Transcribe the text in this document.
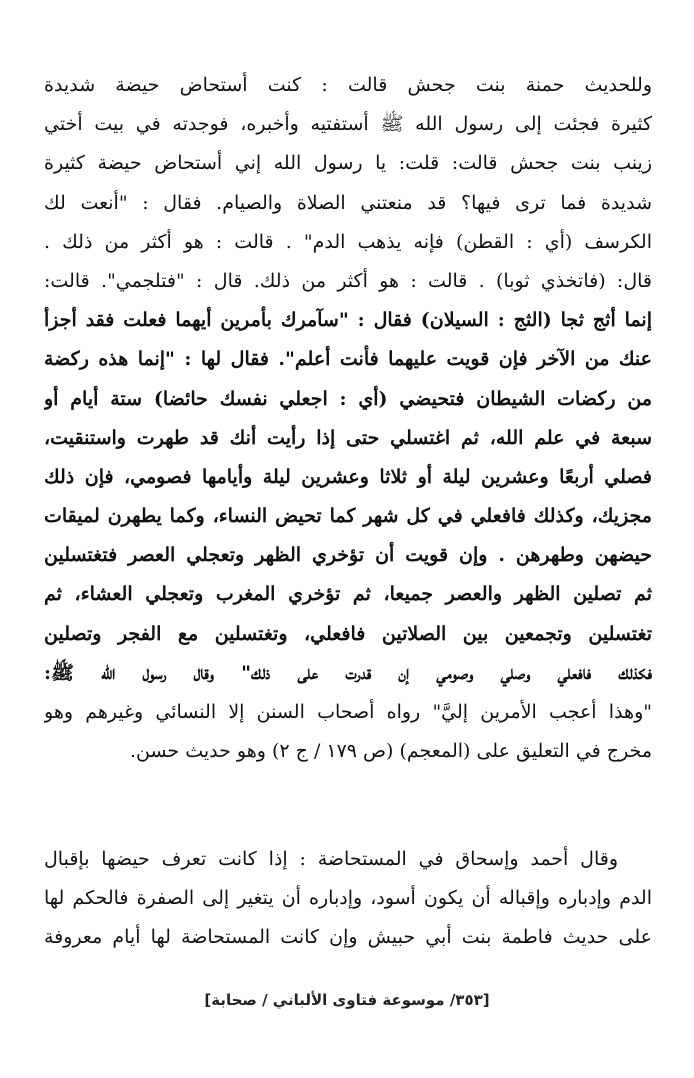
وللحديث حمنة بنت جحش قالت : كنت أستحاض حيضة شديدة
كثيرة فجئت إلى رسول الله ﷺ أستفتيه وأخبره، فوجدته في بيت أختي
زينب بنت جحش قالت: قلت: يا رسول الله إني أستحاض حيضة كثيرة
شديدة فما ترى فيها؟ قد منعتني الصلاة والصيام. فقال : "أنعت لك
الكرسف (أي : القطن) فإنه يذهب الدم" . قالت : هو أكثر من ذلك .
قال: (فاتخذي ثوبا) . قالت : هو أكثر من ذلك. قال : "فتلجمي". قالت:
إنما أثج ثجا (الثج : السيلان) فقال : "سآمرك بأمرين أيهما فعلت فقد أجزأ
عنك من الآخر فإن قويت عليهما فأنت أعلم". فقال لها : "إنما هذه ركضة
من ركضات الشيطان فتحيضي (أي : اجعلي نفسك حائضا) ستة أيام أو
سبعة في علم الله، ثم اغتسلي حتى إذا رأيت أنك قد طهرت واستنقيت،
فصلي أربعًا وعشرين ليلة أو ثلاثا وعشرين ليلة وأيامها فصومي، فإن ذلك
مجزيك، وكذلك فافعلي في كل شهر كما تحيض النساء، وكما يطهرن لميقات
حيضهن وطهرهن . وإن قويت أن تؤخري الظهر وتعجلي العصر فتغتسلين
ثم تصلين الظهر والعصر جميعا، ثم تؤخري المغرب وتعجلي العشاء، ثم
تغتسلين وتجمعين بين الصلاتين فافعلي، وتغتسلين مع الفجر وتصلين
فكذلك فافعلي وصلي وصومي إن قدرت على ذلك" وقال رسول الله ﷺ:
"وهذا أعجب الأمرين إليَّ" رواه أصحاب السنن إلا النسائي وغيرهم وهو
مخرج في التعليق على (المعجم) (ص ١٧٩ / ج ٢) وهو حديث حسن.
وقال أحمد وإسحاق في المستحاضة : إذا كانت تعرف حيضها بإقبال
الدم وإدباره وإقباله أن يكون أسود، وإدباره أن يتغير إلى الصفرة فالحكم لها
على حديث فاطمة بنت أبي حبيش وإن كانت المستحاضة لها أيام معروفة
[٣٥٣/ موسوعة فتاوى الألباني / صحابة]
